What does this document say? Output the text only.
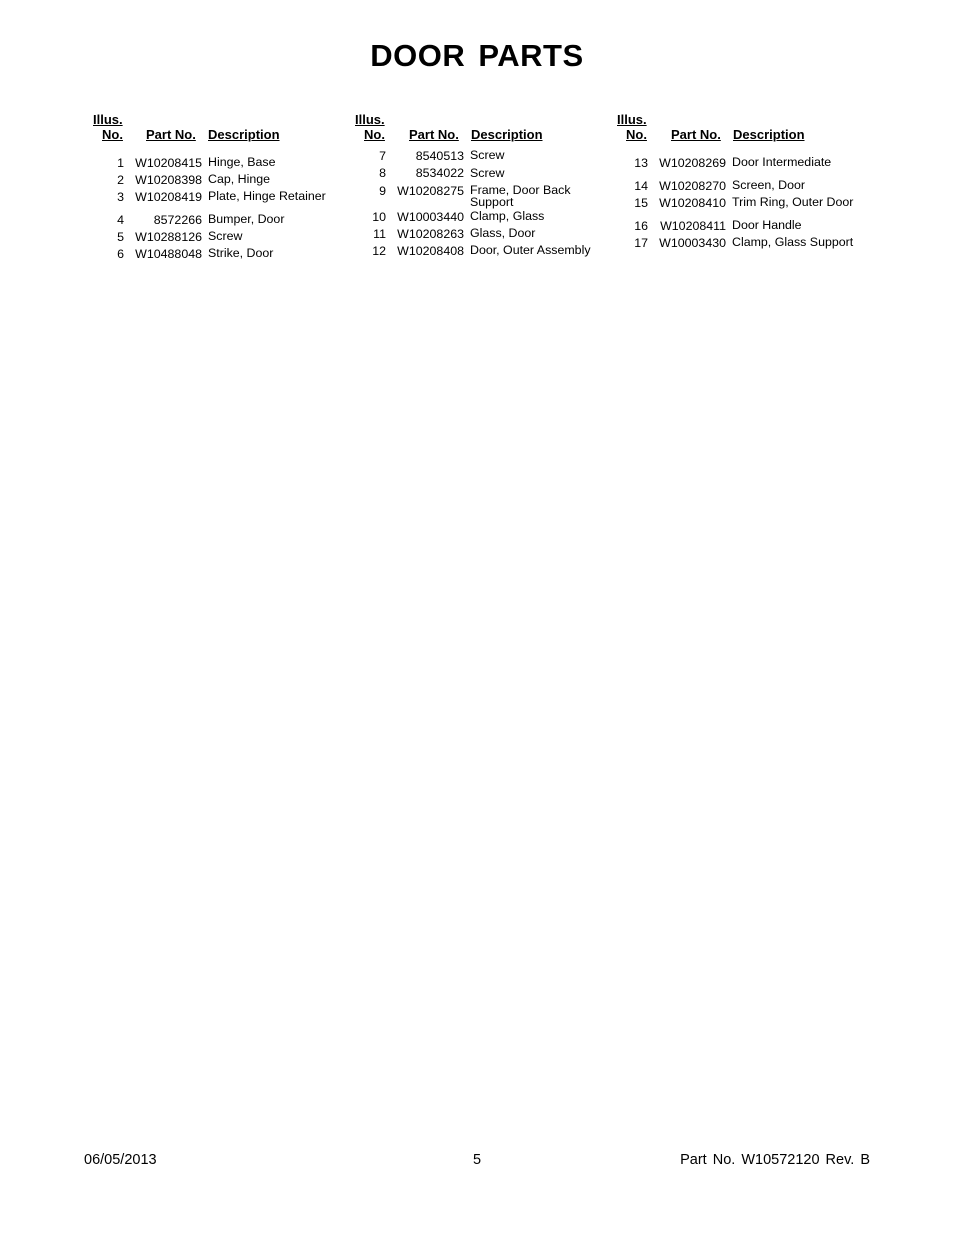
DOOR PARTS
Illus.
No. Part No. Description
1 W10208415 Hinge, Base
2 W10208398 Cap, Hinge
3 W10208419 Plate, Hinge Retainer
4	8572266 Bumper, Door
5 W10288126 Screw
6 W10488048 Strike, Door
Illus.
No. Part No. Description
7	8540513 Screw
8	8534022 Screw
9 W10208275 Frame, Door Back
Support
10 W10003440 Clamp, Glass
11 W10208263 Glass, Door
12 W10208408 Door, Outer Assembly
Illus.
No. Part No. Description
13 W10208269 Door Intermediate
14 W10208270 Screen, Door
15 W10208410 Trim Ring, Outer Door
16 W10208411 Door Handle
17 W10003430 Clamp, Glass Support
06/05/2013	5	Part No. W10572120 Rev. B
